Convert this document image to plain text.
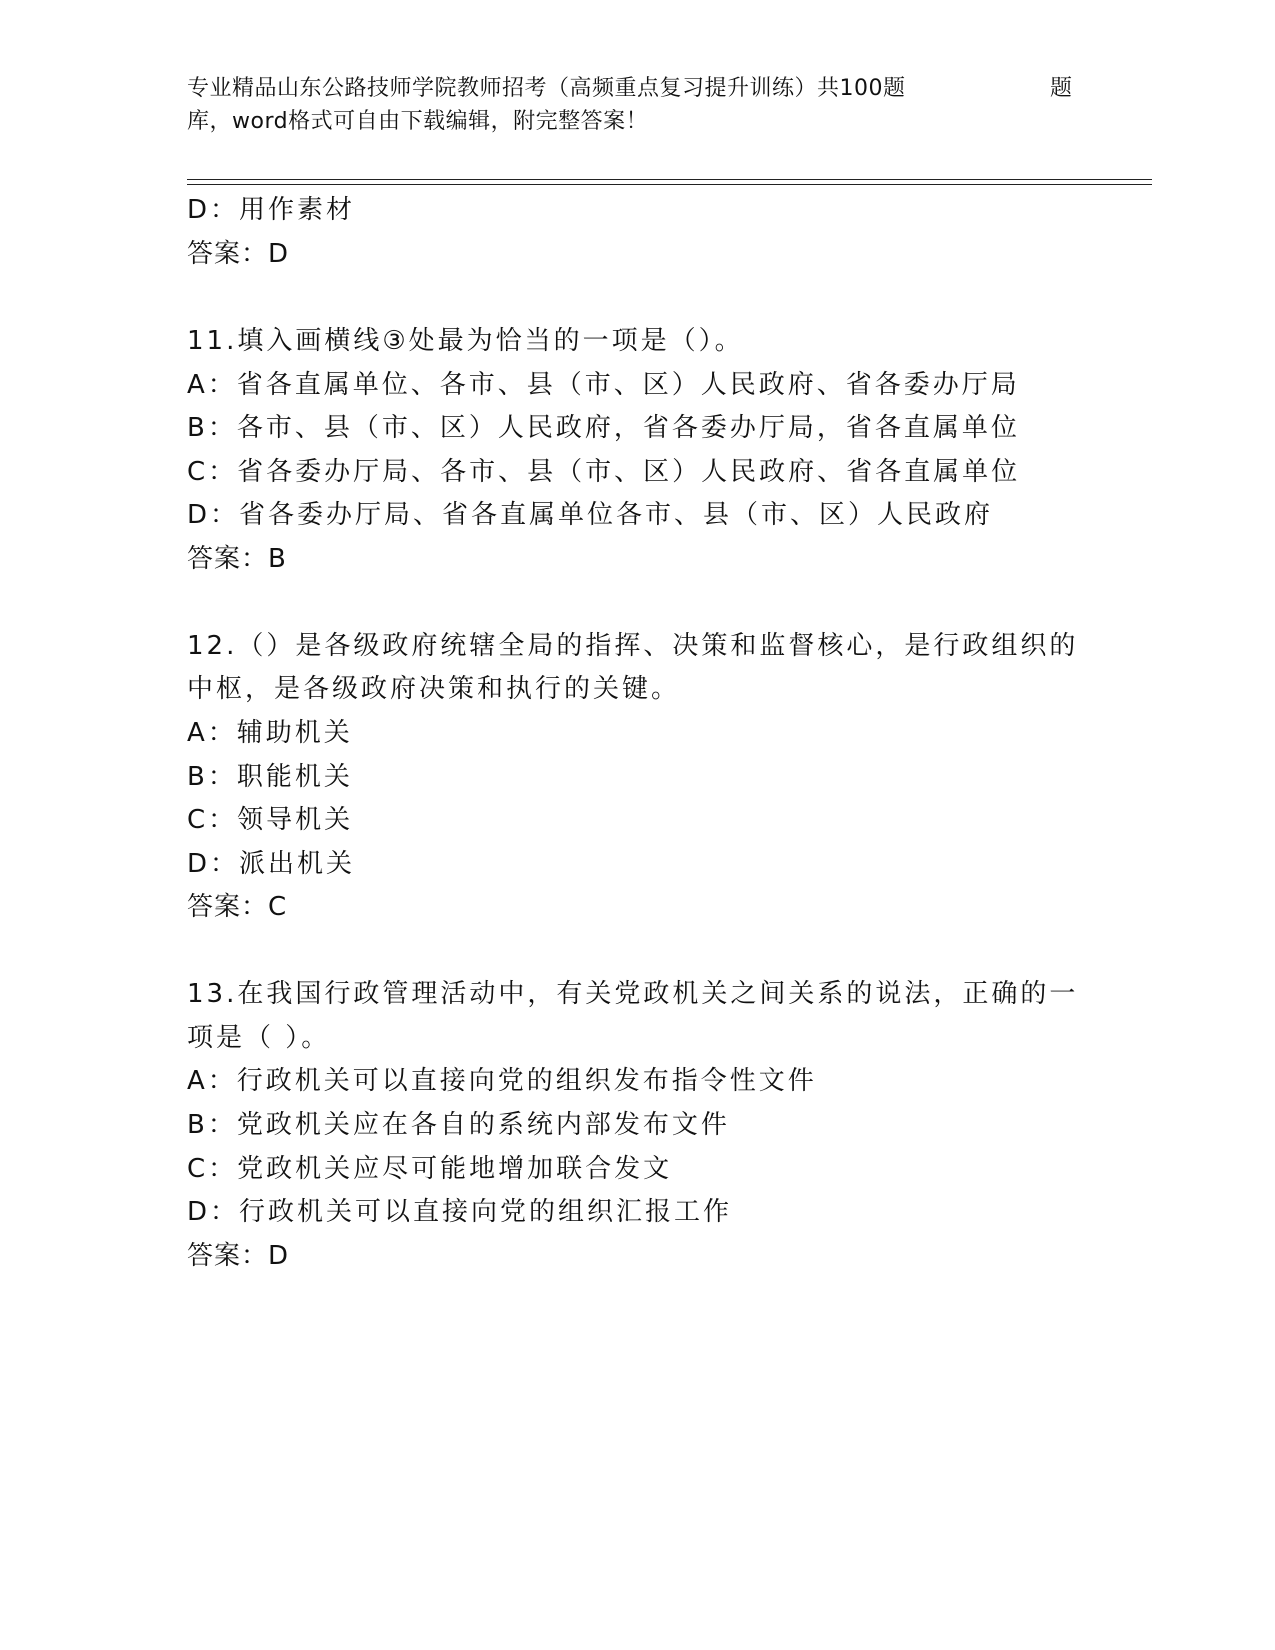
专业精品山东公路技师学院教师招考（高频重点复习提升训练）共100题	题
库，word格式可自由下载编辑，附完整答案！
D：用作素材
答案：D
11.填入画横线③处最为恰当的一项是（）。
A：省各直属单位、各市、县（市、区）人民政府、省各委办厅局
B：各市、县（市、区）人民政府，省各委办厅局，省各直属单位
C：省各委办厅局、各市、县（市、区）人民政府、省各直属单位
D：省各委办厅局、省各直属单位各市、县（市、区）人民政府
答案：B
12.（）是各级政府统辖全局的指挥、决策和监督核心，是行政组织的
中枢，是各级政府决策和执行的关键。
A：辅助机关
B：职能机关
C：领导机关
D：派出机关
答案：C
13.在我国行政管理活动中，有关党政机关之间关系的说法，正确的一
项是（ ）。
A：行政机关可以直接向党的组织发布指令性文件
B：党政机关应在各自的系统内部发布文件
C：党政机关应尽可能地增加联合发文
D：行政机关可以直接向党的组织汇报工作
答案：D
